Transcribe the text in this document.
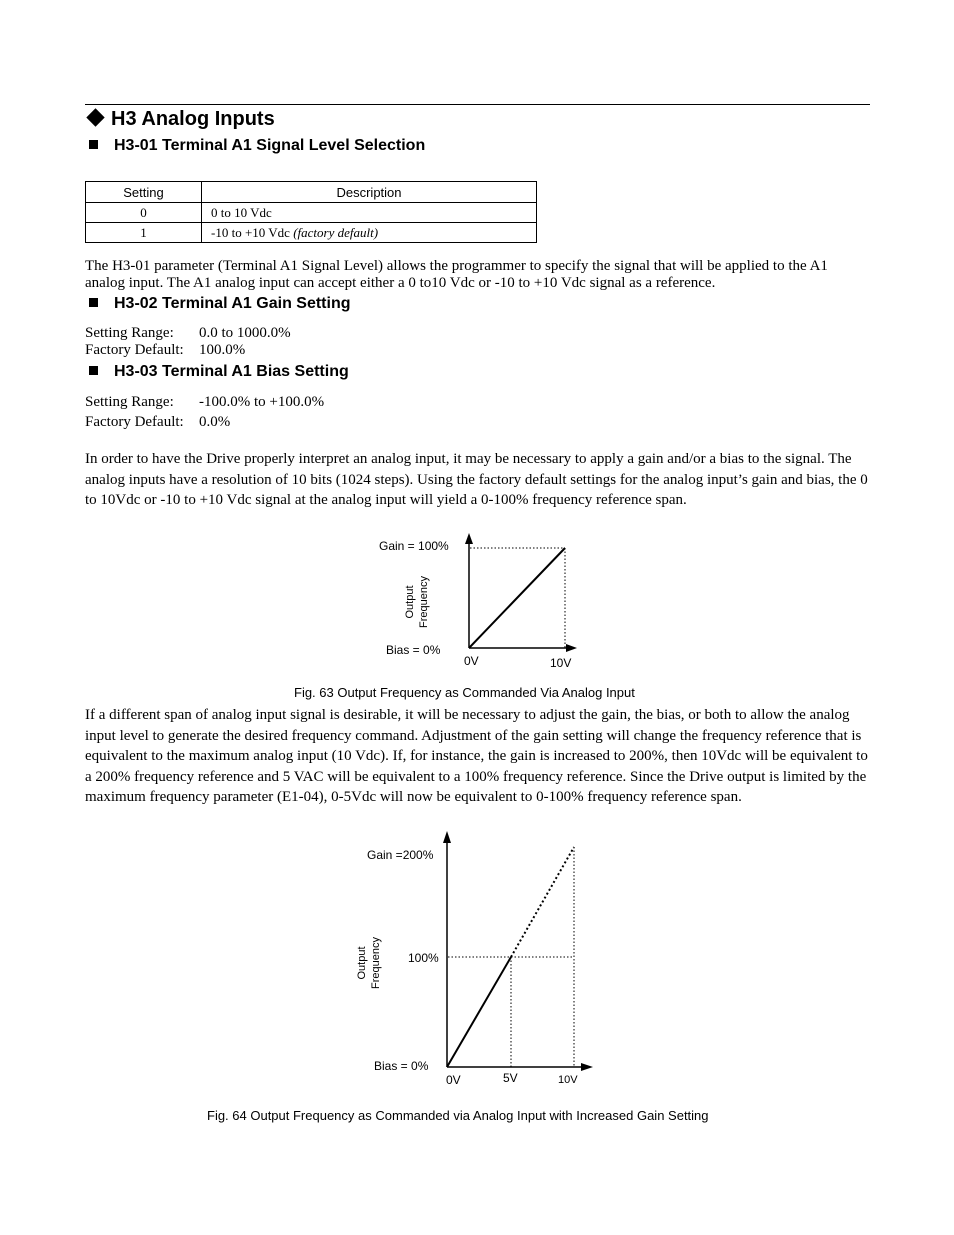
H3 Analog Inputs
H3-01 Terminal A1 Signal Level Selection
Setting	Description
0	0 to 10 Vdc
1	-10 to +10 Vdc (factory default)
The H3-01 parameter (Terminal A1 Signal Level) allows the programmer to specify the signal that will be applied to the A1 analog input. The A1 analog input can accept either a 0 to10 Vdc or -10 to +10 Vdc signal as a reference.
H3-02 Terminal A1 Gain Setting
Setting Range: 0.0 to 1000.0%
Factory Default: 100.0%
H3-03 Terminal A1 Bias Setting
Setting Range: -100.0% to +100.0%
Factory Default: 0.0%
In order to have the Drive properly interpret an analog input, it may be necessary to apply a gain and/or a bias to the signal. The analog inputs have a resolution of 10 bits (1024 steps). Using the factory default settings for the analog input’s gain and bias, the 0 to 10Vdc or -10 to +10 Vdc signal at the analog input will yield a 0-100% frequency reference span.
Gain = 100%
Bias = 0%
Output Frequency
0V	10V
Fig. 63 Output Frequency as Commanded Via Analog Input
If a different span of analog input signal is desirable, it will be necessary to adjust the gain, the bias, or both to allow the analog input level to generate the desired frequency command. Adjustment of the gain setting will change the frequency reference that is equivalent to the maximum analog input (10 Vdc). If, for instance, the gain is increased to 200%, then 10Vdc will be equivalent to a 200% frequency reference and 5 VAC will be equivalent to a 100% frequency reference. Since the Drive output is limited by the maximum frequency parameter (E1-04), 0-5Vdc will now be equivalent to 0-100% frequency reference span.
Gain =200%
100%
Bias = 0%
Output Frequency
0V	5V	10V
Fig. 64 Output Frequency as Commanded via Analog Input with Increased Gain Setting
